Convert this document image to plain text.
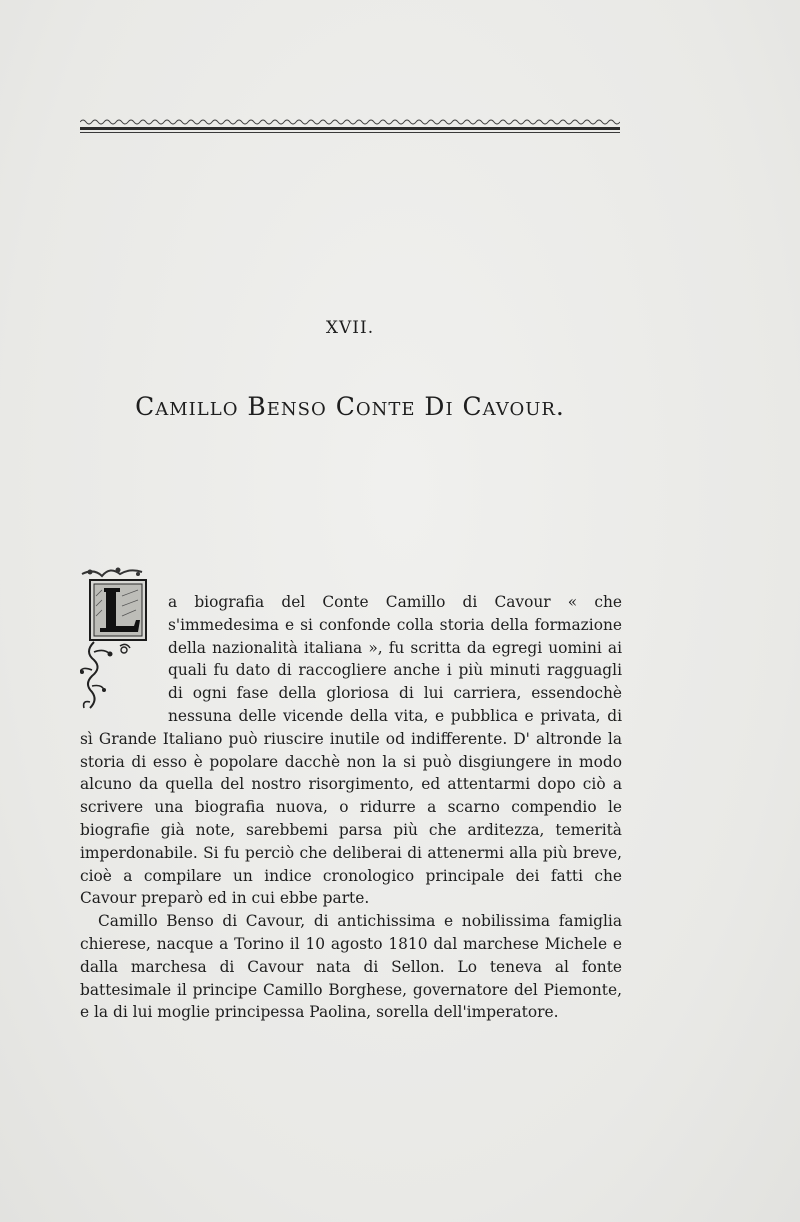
XVII.
Camillo Benso Conte Di Cavour.

a biografia del Conte Camillo di Cavour « che s'immedesima e si confonde colla storia della formazione della nazionalità italiana », fu scritta da egregi uomini ai quali fu dato di raccogliere anche i più minuti ragguagli di ogni fase della gloriosa di lui carriera, essendochè nessuna delle vicende della vita, e pubblica e privata, di sì Grande Italiano può riuscire inutile od indifferente. D' altronde la storia di esso è popolare dacchè non la si può disgiungere in modo alcuno da quella del nostro risorgimento, ed attentarmi dopo ciò a scrivere una biografia nuova, o ridurre a scarno compendio le biografie già note, sarebbemi parsa più che arditezza, temerità imperdonabile. Si fu perciò che deliberai di attenermi alla più breve, cioè a compilare un indice cronologico principale dei fatti che Cavour preparò ed in cui ebbe parte.

Camillo Benso di Cavour, di antichissima e nobilissima famiglia chierese, nacque a Torino il 10 agosto 1810 dal marchese Michele e dalla marchesa di Cavour nata di Sellon. Lo teneva al fonte battesimale il principe Camillo Borghese, governatore del Piemonte, e la di lui moglie principessa Paolina, sorella dell'imperatore.
